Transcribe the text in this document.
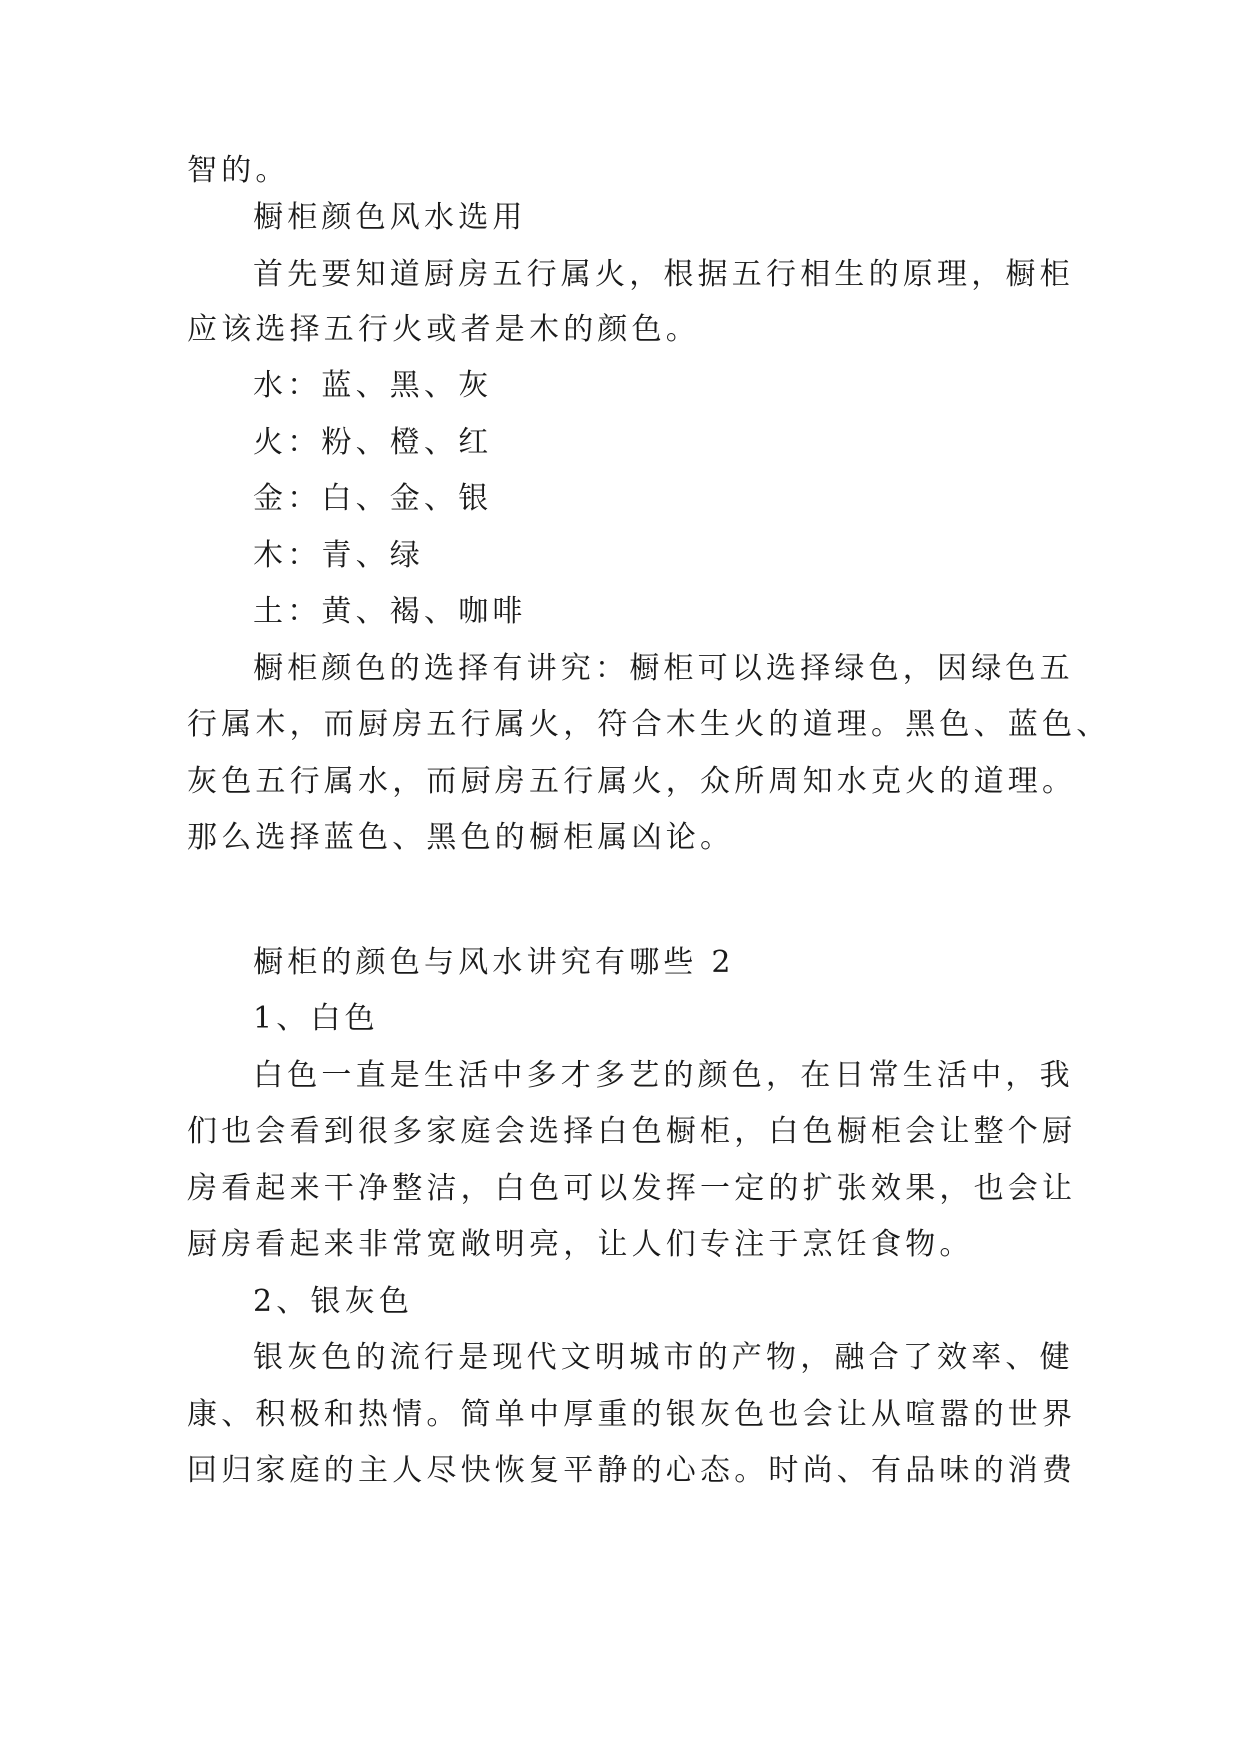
智的。
橱柜颜色风水选用
首先要知道厨房五行属火，根据五行相生的原理，橱柜
应该选择五行火或者是木的颜色。
水：蓝、黑、灰
火：粉、橙、红
金：白、金、银
木：青、绿
土：黄、褐、咖啡
橱柜颜色的选择有讲究：橱柜可以选择绿色，因绿色五
行属木，而厨房五行属火，符合木生火的道理。黑色、蓝色、
灰色五行属水，而厨房五行属火，众所周知水克火的道理。
那么选择蓝色、黑色的橱柜属凶论。
橱柜的颜色与风水讲究有哪些 2
1、白色
白色一直是生活中多才多艺的颜色，在日常生活中，我
们也会看到很多家庭会选择白色橱柜，白色橱柜会让整个厨
房看起来干净整洁，白色可以发挥一定的扩张效果，也会让
厨房看起来非常宽敞明亮，让人们专注于烹饪食物。
2、银灰色
银灰色的流行是现代文明城市的产物，融合了效率、健
康、积极和热情。简单中厚重的银灰色也会让从喧嚣的世界
回归家庭的主人尽快恢复平静的心态。时尚、有品味的消费
